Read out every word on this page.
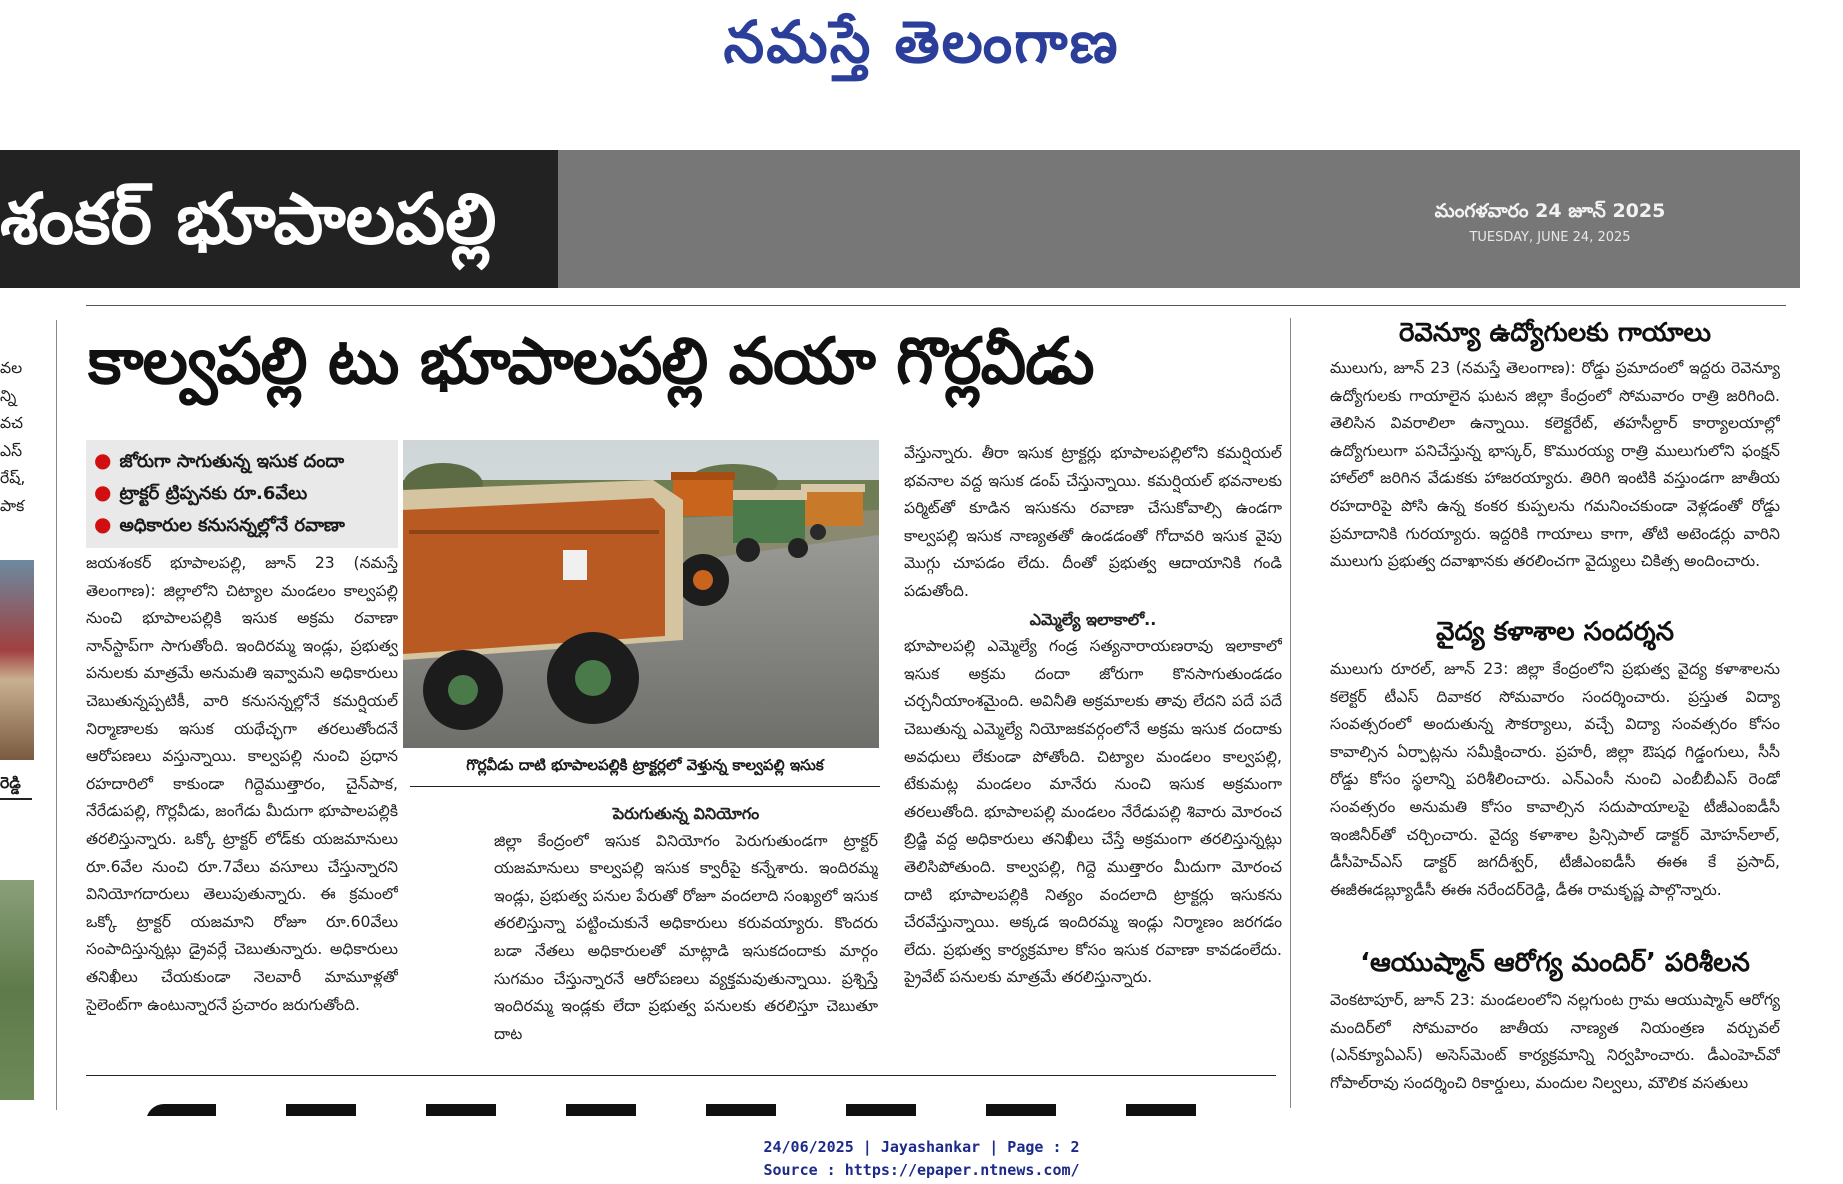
నమస్తే తెలంగాణ
శంకర్ భూపాలపల్లి	మంగళవారం 24 జూన్ 2025
TUESDAY, JUNE 24, 2025
వల
న్ని
వచ
ఎస్
రేష్,
పాక
రెడ్డి
కాల్వపల్లి టు భూపాలపల్లి వయా గొర్లవీడు
● జోరుగా సాగుతున్న ఇసుక దందా
● ట్రాక్టర్ ట్రిప్పనకు రూ.6వేలు
● అధికారుల కనుసన్నల్లోనే రవాణా
గొర్లవీడు దాటి భూపాలపల్లికి ట్రాక్టర్లలో వెళ్తున్న కాల్వపల్లి ఇసుక

జయశంకర్ భూపాలపల్లి, జూన్ 23 (నమస్తే తెలంగాణ): జిల్లాలోని చిట్యాల మండలం కాల్వపల్లి నుంచి భూపాలపల్లికి ఇసుక అక్రమ రవాణా నాన్‌స్టాప్‌గా సాగుతోంది. ఇందిరమ్మ ఇండ్లు, ప్రభుత్వ పనులకు మాత్రమే అనుమతి ఇవ్వామని అధికారులు చెబుతున్నప్పటికీ, వారి కనుసన్నల్లోనే కమర్షియల్ నిర్మాణాలకు ఇసుక యథేచ్ఛగా తరలుతోందనే ఆరోపణలు వస్తున్నాయి. కాల్వపల్లి నుంచి ప్రధాన రహదారిలో కాకుండా గిద్దెముత్తారం, చైన్‌పాక, నేరేడుపల్లి, గొర్లవీడు, జంగేడు మీదుగా భూపాలపల్లికి తరలిస్తున్నారు. ఒక్కో ట్రాక్టర్ లోడ్‌కు యజమానులు రూ.6వేల నుంచి రూ.7వేలు వసూలు చేస్తున్నారని వినియోగదారులు తెలుపుతున్నారు. ఈ క్రమంలో ఒక్కో ట్రాక్టర్ యజమాని రోజూ రూ.60వేలు సంపాదిస్తున్నట్లు డ్రైవర్లే చెబుతున్నారు. అధికారులు తనిఖీలు చేయకుండా నెలవారీ మామూళ్లతో సైలెంట్‌గా ఉంటున్నారనే ప్రచారం జరుగుతోంది.

పెరుగుతున్న వినియోగం

జిల్లా కేంద్రంలో ఇసుక వినియోగం పెరుగుతుండగా ట్రాక్టర్ యజమానులు కాల్వపల్లి ఇసుక క్వారీపై కన్నేశారు. ఇందిరమ్మ ఇండ్లు, ప్రభుత్వ పనుల పేరుతో రోజూ వందలాది సంఖ్యలో ఇసుక తరలిస్తున్నా పట్టించుకునే అధికారులు కరువయ్యారు. కొందరు బడా నేతలు అధికారులతో మాట్లాడి ఇసుకదందాకు మార్గం సుగమం చేస్తున్నారనే ఆరోపణలు వ్యక్తమవుతున్నాయి. ప్రశ్నిస్తే ఇందిరమ్మ ఇండ్లకు లేదా ప్రభుత్వ పనులకు తరలిస్తూ చెబుతూ దాట

వేస్తున్నారు. తీరా ఇసుక ట్రాక్టర్లు భూపాలపల్లిలోని కమర్షియల్ భవనాల వద్ద ఇసుక డంప్ చేస్తున్నాయి. కమర్షియల్ భవనాలకు పర్మిట్‌తో కూడిన ఇసుకను రవాణా చేసుకోవాల్సి ఉండగా కాల్వపల్లి ఇసుక నాణ్యతతో ఉండడంతో గోదావరి ఇసుక వైపు మొగ్గు చూపడం లేదు. దీంతో ప్రభుత్వ ఆదాయానికి గండి పడుతోంది.

ఎమ్మెల్యే ఇలాకాలో..

భూపాలపల్లి ఎమ్మెల్యే గండ్ర సత్యనారాయణరావు ఇలాకాలో ఇసుక అక్రమ దందా జోరుగా కొనసాగుతుండడం చర్చనీయాంశమైంది. అవినీతి అక్రమాలకు తావు లేదని పదే పదే చెబుతున్న ఎమ్మెల్యే నియోజకవర్గంలోనే అక్రమ ఇసుక దందాకు అవధులు లేకుండా పోతోంది. చిట్యాల మండలం కాల్వపల్లి, టేకుమట్ల మండలం మానేరు నుంచి ఇసుక అక్రమంగా తరలుతోంది. భూపాలపల్లి మండలం నేరేడుపల్లి శివారు మోరంచ బ్రిడ్జి వద్ద అధికారులు తనిఖీలు చేస్తే అక్రమంగా తరలిస్తున్నట్లు తెలిసిపోతుంది. కాల్వపల్లి, గిద్దె ముత్తారం మీదుగా మోరంచ దాటి భూపాలపల్లికి నిత్యం వందలాది ట్రాక్టర్లు ఇసుకను చేరవేస్తున్నాయి. అక్కడ ఇందిరమ్మ ఇండ్లు నిర్మాణం జరగడం లేదు. ప్రభుత్వ కార్యక్రమాల కోసం ఇసుక రవాణా కావడంలేదు. ప్రైవేట్ పనులకు మాత్రమే తరలిస్తున్నారు.

రెవెన్యూ ఉద్యోగులకు గాయాలు

ములుగు, జూన్ 23 (నమస్తే తెలంగాణ): రోడ్డు ప్రమాదంలో ఇద్దరు రెవెన్యూ ఉద్యోగులకు గాయాలైన ఘటన జిల్లా కేంద్రంలో సోమవారం రాత్రి జరిగింది. తెలిసిన వివరాలిలా ఉన్నాయి. కలెక్టరేట్, తహసీల్దార్ కార్యాలయాల్లో ఉద్యోగులుగా పనిచేస్తున్న భాస్కర్, కొమురయ్య రాత్రి ములుగులోని ఫంక్షన్ హాల్‌లో జరిగిన వేడుకకు హాజరయ్యారు. తిరిగి ఇంటికి వస్తుండగా జాతీయ రహదారిపై పోసి ఉన్న కంకర కుప్పలను గమనించకుండా వెళ్లడంతో రోడ్డు ప్రమాదానికి గురయ్యారు. ఇద్దరికి గాయాలు కాగా, తోటి అటెండర్లు వారిని ములుగు ప్రభుత్వ దవాఖానకు తరలించగా వైద్యులు చికిత్స అందించారు.

వైద్య కళాశాల సందర్శన

ములుగు రూరల్, జూన్ 23: జిల్లా కేంద్రంలోని ప్రభుత్వ వైద్య కళాశాలను కలెక్టర్ టీఎస్ దివాకర సోమవారం సందర్శించారు. ప్రస్తుత విద్యా సంవత్సరంలో అందుతున్న సౌకర్యాలు, వచ్చే విద్యా సంవత్సరం కోసం కావాల్సిన ఏర్పాట్లను సమీక్షించారు. ప్రహరీ, జిల్లా ఔషధ గిడ్డంగులు, సీసీ రోడ్డు కోసం స్థలాన్ని పరిశీలించారు. ఎన్‌ఎంసీ నుంచి ఎంబీబీఎస్ రెండో సంవత్సరం అనుమతి కోసం కావాల్సిన సదుపాయాలపై టీజీఎంఐడీసీ ఇంజినీర్‌తో చర్చించారు. వైద్య కళాశాల ప్రిన్సిపాల్ డాక్టర్ మోహన్‌లాల్, డీసీహెచ్‌ఎస్ డాక్టర్ జగదీశ్వర్, టీజీఎంఐడీసీ ఈఈ కే ప్రసాద్, ఈజీఈడబ్ల్యూడీసీ ఈఈ నరేందర్‌రెడ్డి, డీఈ రామకృష్ణ పాల్గొన్నారు.

‘ఆయుష్మాన్ ఆరోగ్య మందిర్’ పరిశీలన

వెంకటాపూర్, జూన్ 23: మండలంలోని నల్లగుంట గ్రామ ఆయుష్మాన్ ఆరోగ్య మందిర్‌లో సోమవారం జాతీయ నాణ్యత నియంత్రణ వర్చువల్ (ఎన్‌క్యూఏఎస్) అసెస్‌మెంట్ కార్యక్రమాన్ని నిర్వహించారు. డీఎంహెచ్‌వో గోపాల్‌రావు సందర్శించి రికార్డులు, మందుల నిల్వలు, మౌలిక వసతులు

24/06/2025 | Jayashankar | Page : 2
Source : https://epaper.ntnews.com/
